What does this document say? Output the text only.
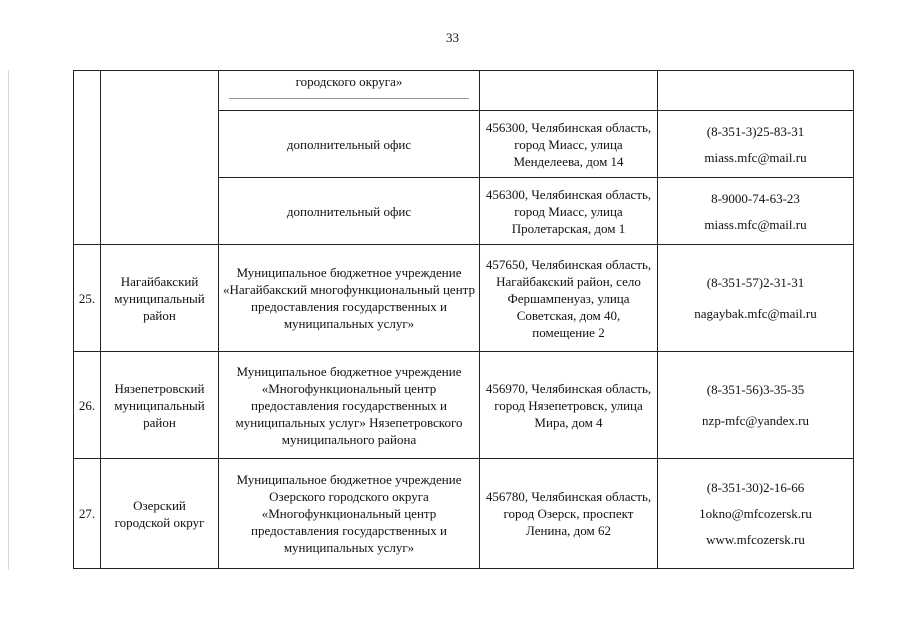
33
		городского округа»

		дополнительный офис	456300, Челябинская область, город Миасс, улица Менделеева, дом 14	(8-351-3)25-83-31
miass.mfc@mail.ru

		дополнительный офис	456300, Челябинская область, город Миасс, улица Пролетарская, дом 1	8-9000-74-63-23
miass.mfc@mail.ru

25.	Нагайбакский муниципальный район	Муниципальное бюджетное учреждение «Нагайбакский многофункциональный центр предоставления государственных и муниципальных услуг»	457650, Челябинская область, Нагайбакский район, село Фершампенуаз, улица Советская, дом 40, помещение 2	(8-351-57)2-31-31
nagaybak.mfc@mail.ru

26.	Нязепетровский муниципальный район	Муниципальное бюджетное учреждение «Многофункциональный центр предоставления государственных и муниципальных услуг» Нязепетровского муниципального района	456970, Челябинская область, город Нязепетровск, улица Мира, дом 4	(8-351-56)3-35-35
nzp-mfc@yandex.ru

27.	Озерский городской округ	Муниципальное бюджетное учреждение Озерского городского округа «Многофункциональный центр предоставления государственных и муниципальных услуг»	456780, Челябинская область, город Озерск, проспект Ленина, дом 62	(8-351-30)2-16-66
1okno@mfcozersk.ru
www.mfcozersk.ru
